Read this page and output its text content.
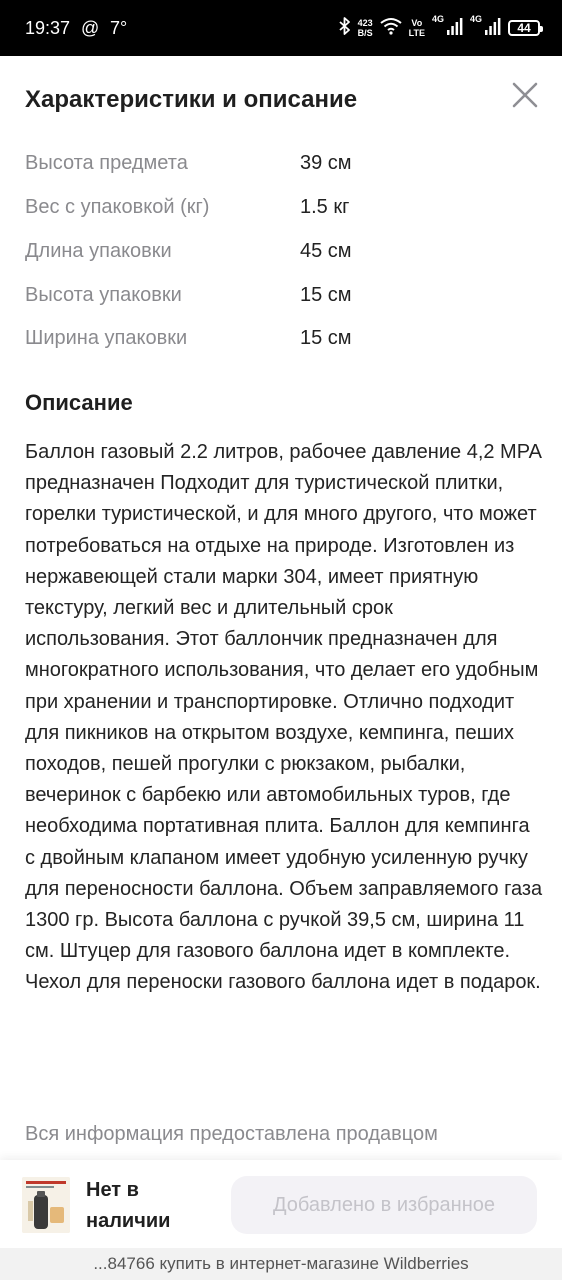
19:37 @ 7°	423
B/S
Vo
LTE
4G	4G
44
Характеристики и описание
Высота предмета	39 см
Вес с упаковкой (кг)	1.5 кг
Длина упаковки	45 см
Высота упаковки	15 см
Ширина упаковки	15 см
Описание

Баллон газовый 2.2 литров, рабочее давление 4,2 MPA предназначен Подходит для туристической плитки, горелки туристической, и для много другого, что может потребоваться на отдыхе на природе. Изготовлен из нержавеющей стали марки 304, имеет приятную текстуру, легкий вес и длительный срок использования. Этот баллончик предназначен для многократного использования, что делает его удобным при хранении и транспортировке. Отлично подходит для пикников на открытом воздухе, кемпинга, пеших походов, пешей прогулки с рюкзаком, рыбалки, вечеринок с барбекю или автомобильных туров, где необходима портативная плита. Баллон для кемпинга с двойным клапаном имеет удобную усиленную ручку для переносности баллона. Объем заправляемого газа 1300 гр. Высота баллона с ручкой 39,5 см, ширина 11 см. Штуцер для газового баллона идет в комплекте. Чехол для переноски газового баллона идет в подарок.

Вся информация предоставлена продавцом
Нет в наличии
Добавлено в избранное
...84766 купить в интернет-магазине Wildberries
